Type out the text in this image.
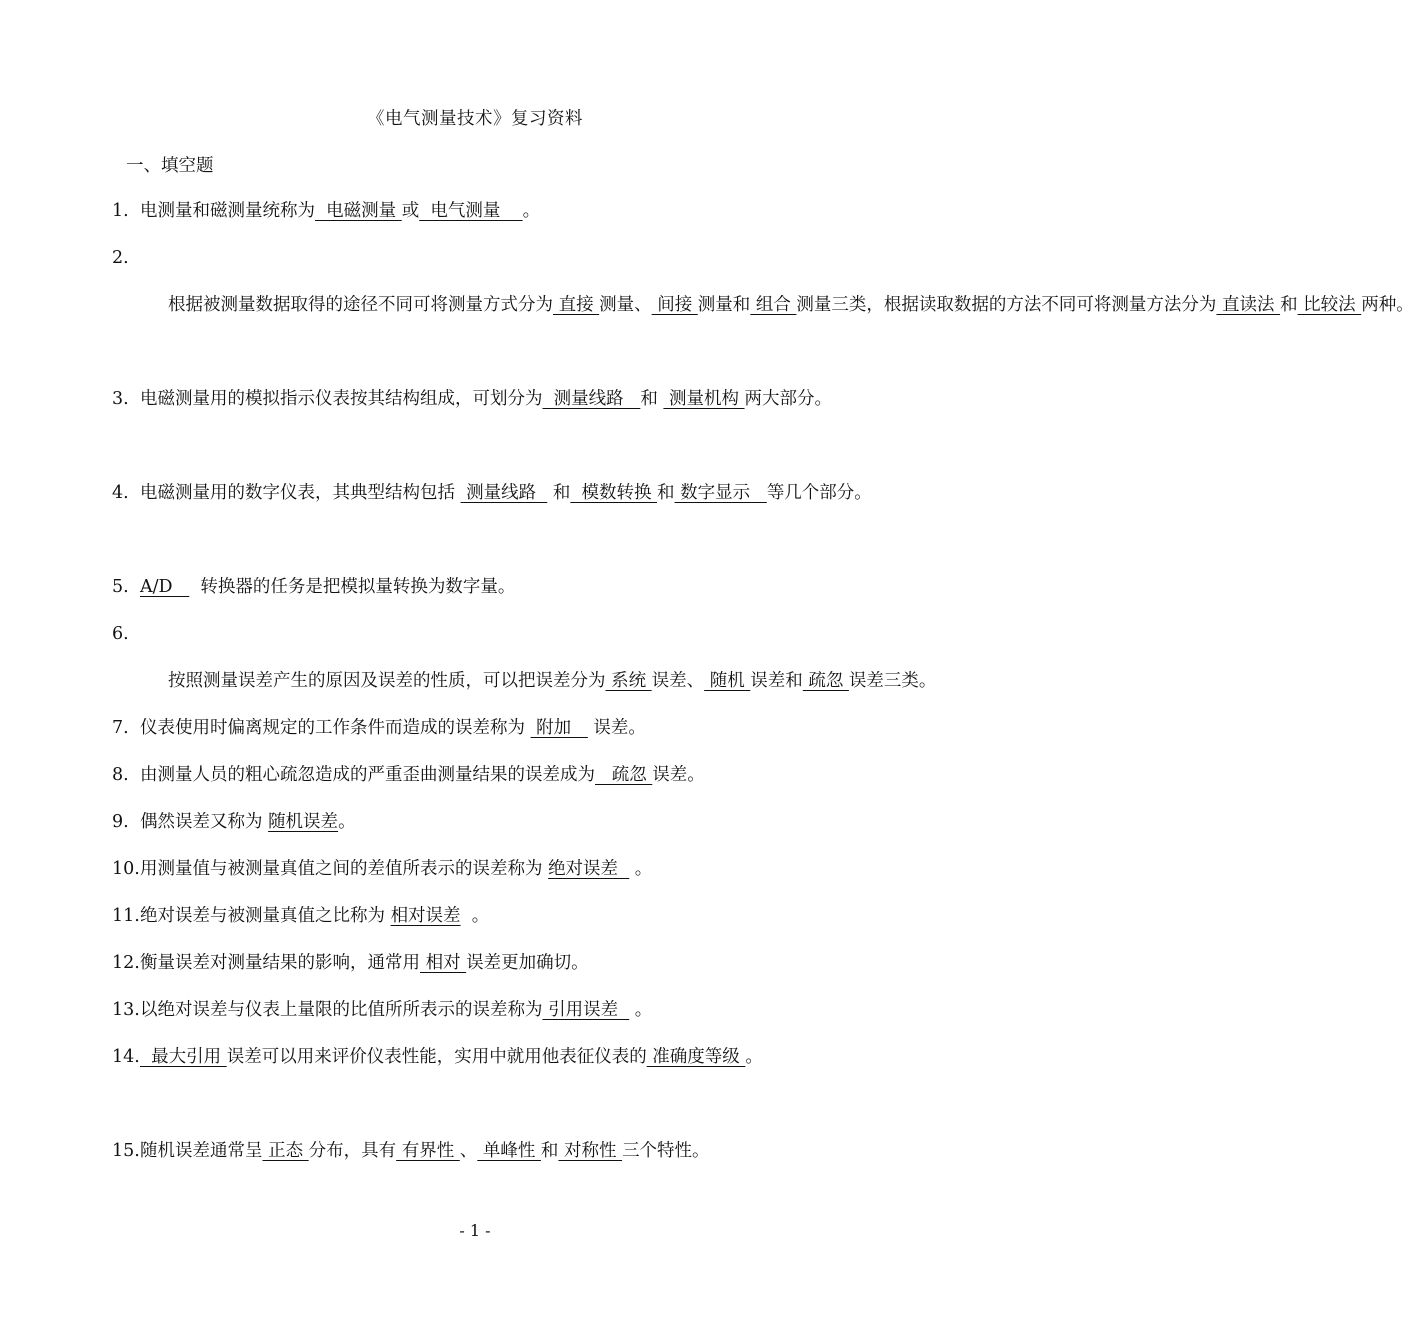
《电气测量技术》复习资料
一、填空题
1.电测量和磁测量统称为  电磁测量 或  电气测量    。
2.根据被测量数据取得的途径不同可将测量方式分为 直接 测量、 间接 测量和 组合 测量三类，根据读取数据的方法不同可将测量方法分为 直读法 和 比较法 两种。
3.电磁测量用的模拟指示仪表按其结构组成，可划分为  测量线路   和  测量机构 两大部分。
4.电磁测量用的数字仪表，其典型结构包括  测量线路   和  模数转换 和 数字显示   等几个部分。
5.A/D     转换器的任务是把模拟量转换为数字量。
6.按照测量误差产生的原因及误差的性质，可以把误差分为 系统 误差、 随机 误差和 疏忽 误差三类。
7.仪表使用时偏离规定的工作条件而造成的误差称为  附加    误差。
8.由测量人员的粗心疏忽造成的严重歪曲测量结果的误差成为   疏忽 误差。
9.偶然误差又称为 随机误差。
10.用测量值与被测量真值之间的差值所表示的误差称为 绝对误差   。
11.绝对误差与被测量真值之比称为 相对误差  。
12.衡量误差对测量结果的影响，通常用 相对 误差更加确切。
13.以绝对误差与仪表上量限的比值所所表示的误差称为 引用误差   。
14.  最大引用 误差可以用来评价仪表性能，实用中就用他表征仪表的 准确度等级 。
15.随机误差通常呈 正态 分布，具有 有界性 、 单峰性 和 对称性 三个特性。
- 1 -
